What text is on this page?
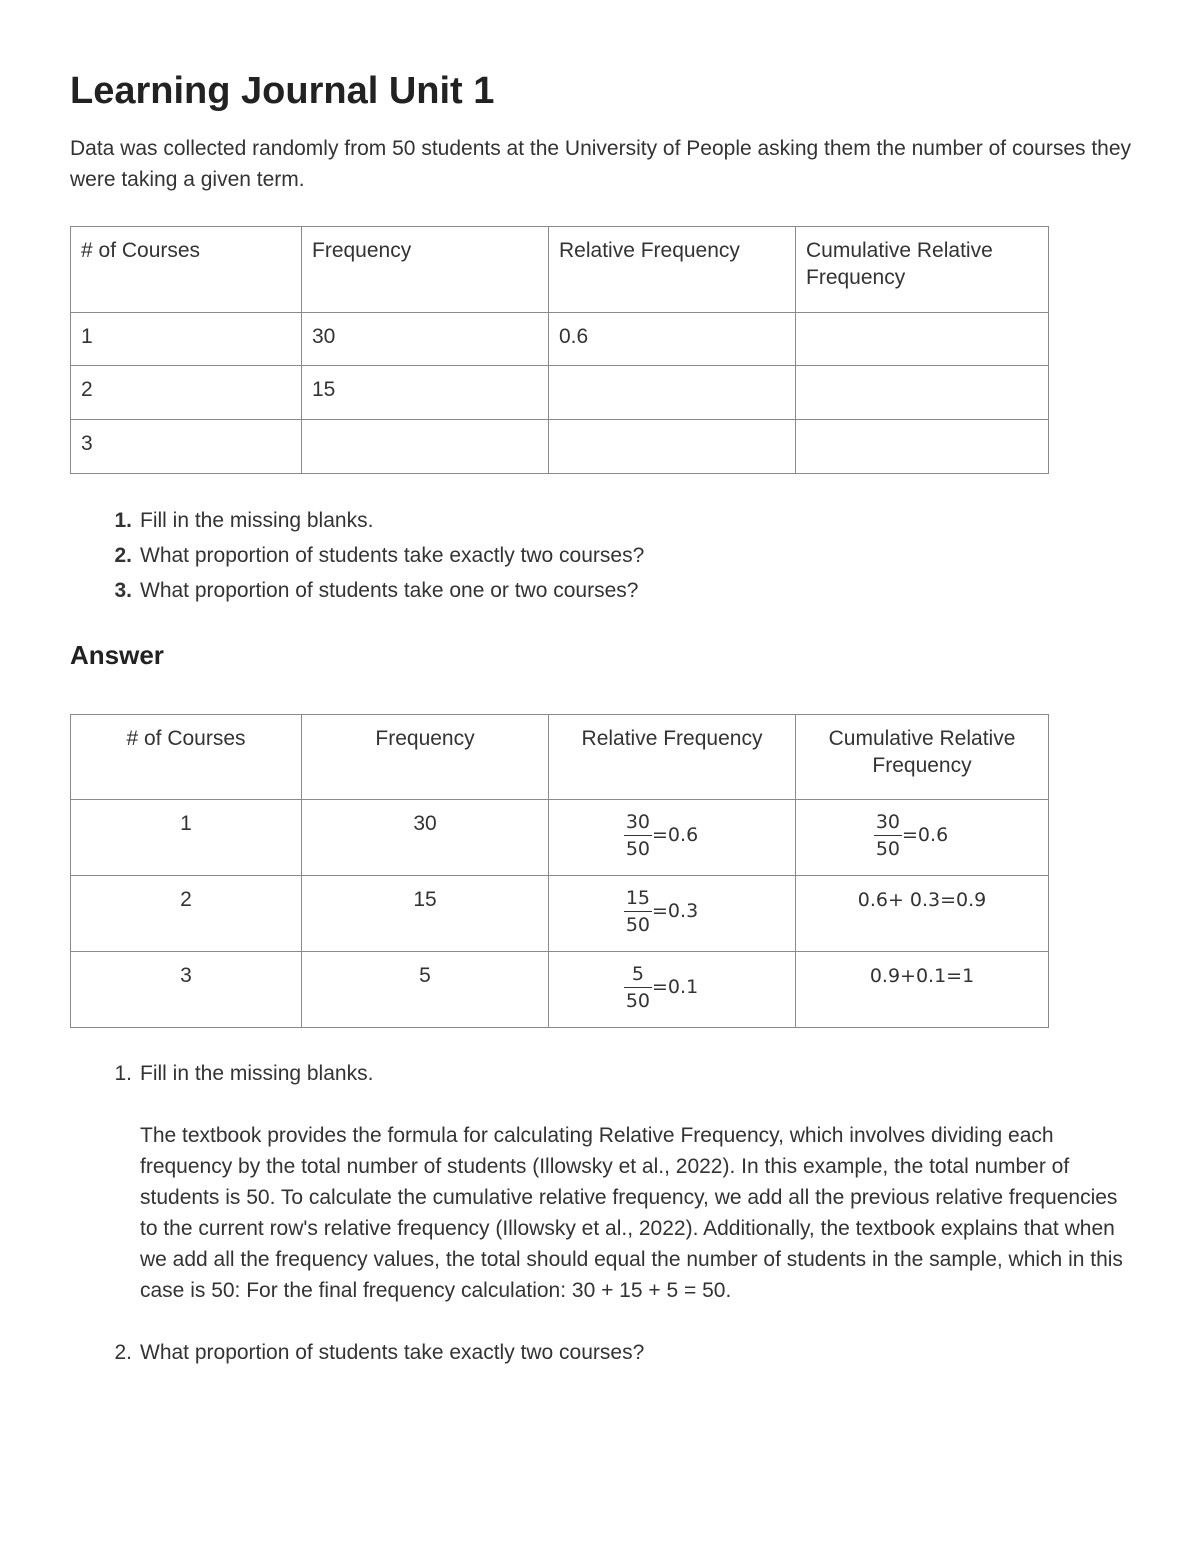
Learning Journal Unit 1

Data was collected randomly from 50 students at the University of People asking them the number of courses they were taking a given term.

# of Courses	Frequency	Relative Frequency	Cumulative Relative Frequency
1	30	0.6	
2	15		
3			
Answer
# of Courses	Frequency	Relative Frequency	Cumulative Relative Frequency
1	30	$\frac{30}{50} =0.6$	$\frac{30}{50} =0.6$

2	15	$\frac{15}{50} =0.3$	0.6+ 0.3=0.9
3	5	$\frac{5}{50} =0.1$	0.9+0.1=1
1. Fill in the missing blanks.
2. What proportion of students take exactly two courses?
3. What proportion of students take one or two courses?
1. Fill in the missing blanks.

The textbook provides the formula for calculating Relative Frequency, which involves dividing each frequency by the total number of students (Illowsky et al., 2022). In this example, the total number of students is 50. To calculate the cumulative relative frequency, we add all the previous relative frequencies to the current row's relative frequency (Illowsky et al., 2022). Additionally, the textbook explains that when we add all the frequency values, the total should equal the number of students in the sample, which in this case is 50: For the final frequency calculation: 30 + 15 + 5 = 50.

2. What proportion of students take exactly two courses?
